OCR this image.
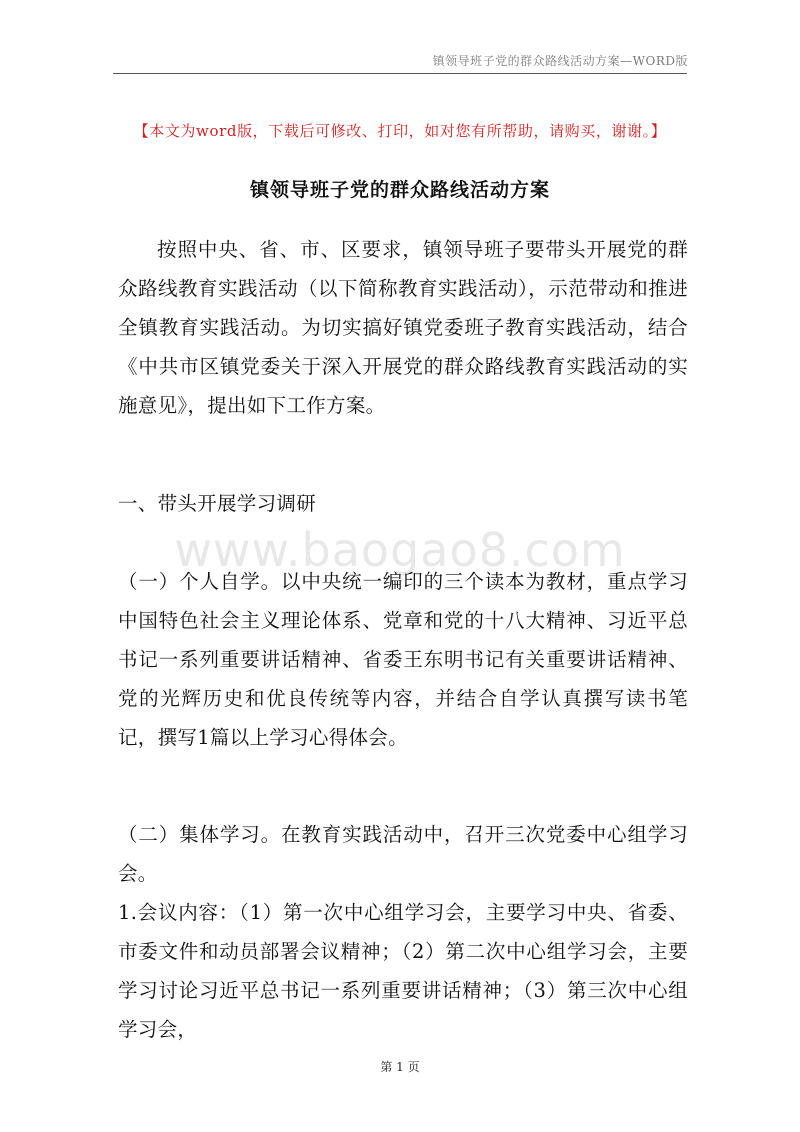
镇领导班子党的群众路线活动方案—WORD版
【本文为word版，下载后可修改、打印，如对您有所帮助，请购买，谢谢。】
镇领导班子党的群众路线活动方案
按照中央、省、市、区要求，镇领导班子要带头开展党的群众路线教育实践活动（以下简称教育实践活动），示范带动和推进全镇教育实践活动。为切实搞好镇党委班子教育实践活动，结合《中共市区镇党委关于深入开展党的群众路线教育实践活动的实施意见》，提出如下工作方案。
一、带头开展学习调研
www.baogao8.com
（一）个人自学。以中央统一编印的三个读本为教材，重点学习中国特色社会主义理论体系、党章和党的十八大精神、习近平总书记一系列重要讲话精神、省委王东明书记有关重要讲话精神、党的光辉历史和优良传统等内容，并结合自学认真撰写读书笔记，撰写1篇以上学习心得体会。
（二）集体学习。在教育实践活动中，召开三次党委中心组学习会。
1.会议内容：（1）第一次中心组学习会，主要学习中央、省委、市委文件和动员部署会议精神；（2）第二次中心组学习会，主要学习讨论习近平总书记一系列重要讲话精神；（3）第三次中心组学习会，
第 1 页
